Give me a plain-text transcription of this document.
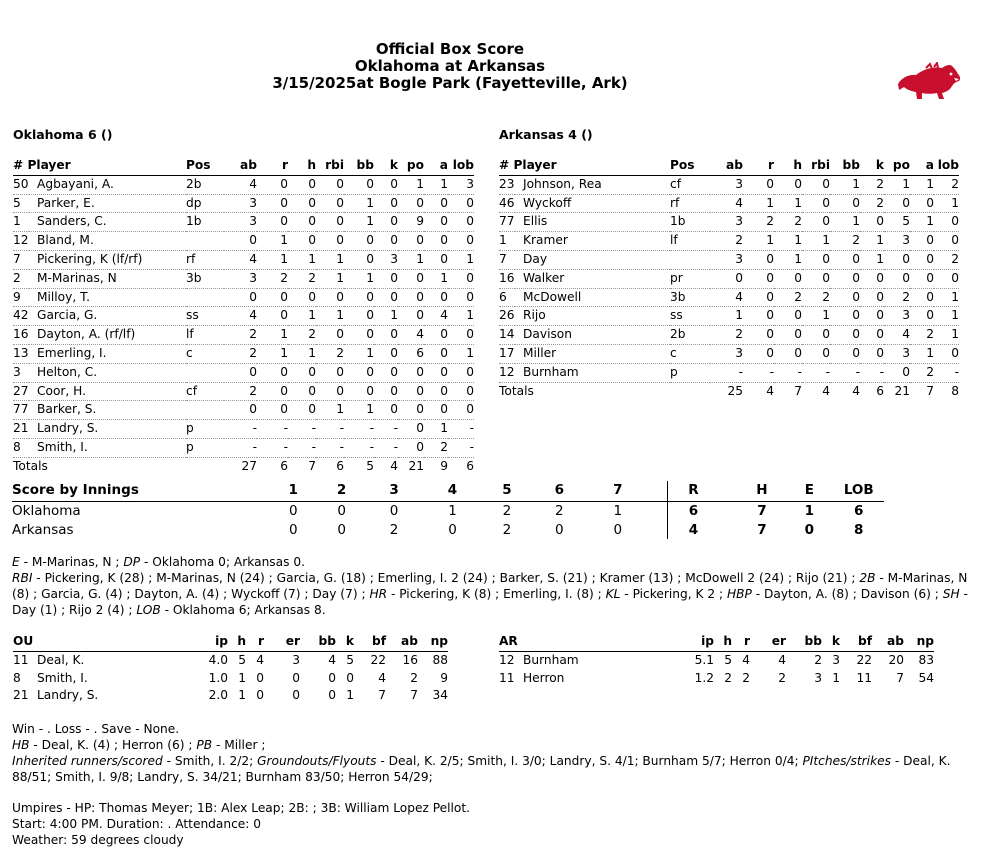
Official Box Score
Oklahoma at Arkansas
3/15/2025at Bogle Park (Fayetteville, Ark)
Oklahoma 6 ()	Arkansas 4 ()
# Player	Pos	ab	r	h	rbi	bb	k	po	a	lob
50 Agbayani, A.	2b	4	0	0	0	0	0	1	1	3
5 Parker, E.	dp	3	0	0	0	1	0	0	0	0
1 Sanders, C.	1b	3	0	0	0	1	0	9	0	0
12 Bland, M.		0	1	0	0	0	0	0	0	0
7 Pickering, K (lf/rf)	rf	4	1	1	1	0	3	1	0	1
2 M-Marinas, N	3b	3	2	2	1	1	0	0	1	0
9 Milloy, T.		0	0	0	0	0	0	0	0	0
42 Garcia, G.	ss	4	0	1	1	0	1	0	4	1
16 Dayton, A. (rf/lf)	lf	2	1	2	0	0	0	4	0	0
13 Emerling, I.	c	2	1	1	2	1	0	6	0	1
3 Helton, C.		0	0	0	0	0	0	0	0	0
27 Coor, H.	cf	2	0	0	0	0	0	0	0	0
77 Barker, S.		0	0	0	1	1	0	0	0	0
21 Landry, S.	p	-	-	-	-	-	-	0	1	-
8 Smith, I.	p	-	-	-	-	-	-	0	2	-
Totals		27	6	7	6	5	4	21	9	6
# Player	Pos	ab	r	h	rbi	bb	k	po	a	lob
23 Johnson, Rea	cf	3	0	0	0	1	2	1	1	2
46 Wyckoff	rf	4	1	1	0	0	2	0	0	1
77 Ellis	1b	3	2	2	0	1	0	5	1	0
1 Kramer	lf	2	1	1	1	2	1	3	0	0
7 Day		3	0	1	0	0	1	0	0	2
16 Walker	pr	0	0	0	0	0	0	0	0	0
6 McDowell	3b	4	0	2	2	0	0	2	0	1
26 Rijo	ss	1	0	0	1	0	0	3	0	1
14 Davison	2b	2	0	0	0	0	0	4	2	1
17 Miller	c	3	0	0	0	0	0	3	1	0
12 Burnham	p	-	-	-	-	-	-	0	2	-
Totals		25	4	7	4	4	6	21	7	8
Score by Innings	1	2	3	4	5	6	7	R	H	E	LOB
Oklahoma	0	0	0	1	2	2	1	6	7	1	6
Arkansas	0	0	2	0	2	0	0	4	7	0	8
E - M-Marinas, N ; DP - Oklahoma 0; Arkansas 0.
RBI - Pickering, K (28) ; M-Marinas, N (24) ; Garcia, G. (18) ; Emerling, I. 2 (24) ; Barker, S. (21) ; Kramer (13) ; McDowell 2 (24) ; Rijo (21) ; 2B - M-Marinas, N (8) ; Garcia, G. (4) ; Dayton, A. (4) ; Wyckoff (7) ; Day (7) ; HR - Pickering, K (8) ; Emerling, I. (8) ; KL - Pickering, K 2 ; HBP - Dayton, A. (8) ; Davison (6) ; SH - Day (1) ; Rijo 2 (4) ; LOB - Oklahoma 6; Arkansas 8.
OU		ip	h	r	er	bb	k	bf	ab	np
11	Deal, K.	4.0	5	4	3	4	5	22	16	88
8	Smith, I.	1.0	1	0	0	0	0	4	2	9
21	Landry, S.	2.0	1	0	0	0	1	7	7	34
AR		ip	h	r	er	bb	k	bf	ab	np
12	Burnham	5.1	5	4	4	2	3	22	20	83
11	Herron	1.2	2	2	2	3	1	11	7	54
Win - . Loss - . Save - None.
HB - Deal, K. (4) ; Herron (6) ; PB - Miller ;
Inherited runners/scored - Smith, I. 2/2; Groundouts/Flyouts - Deal, K. 2/5; Smith, I. 3/0; Landry, S. 4/1; Burnham 5/7; Herron 0/4; PItches/strikes - Deal, K. 88/51; Smith, I. 9/8; Landry, S. 34/21; Burnham 83/50; Herron 54/29;
Umpires - HP: Thomas Meyer; 1B: Alex Leap; 2B: ; 3B: William Lopez Pellot.
Start: 4:00 PM. Duration: . Attendance: 0
Weather: 59 degrees cloudy
